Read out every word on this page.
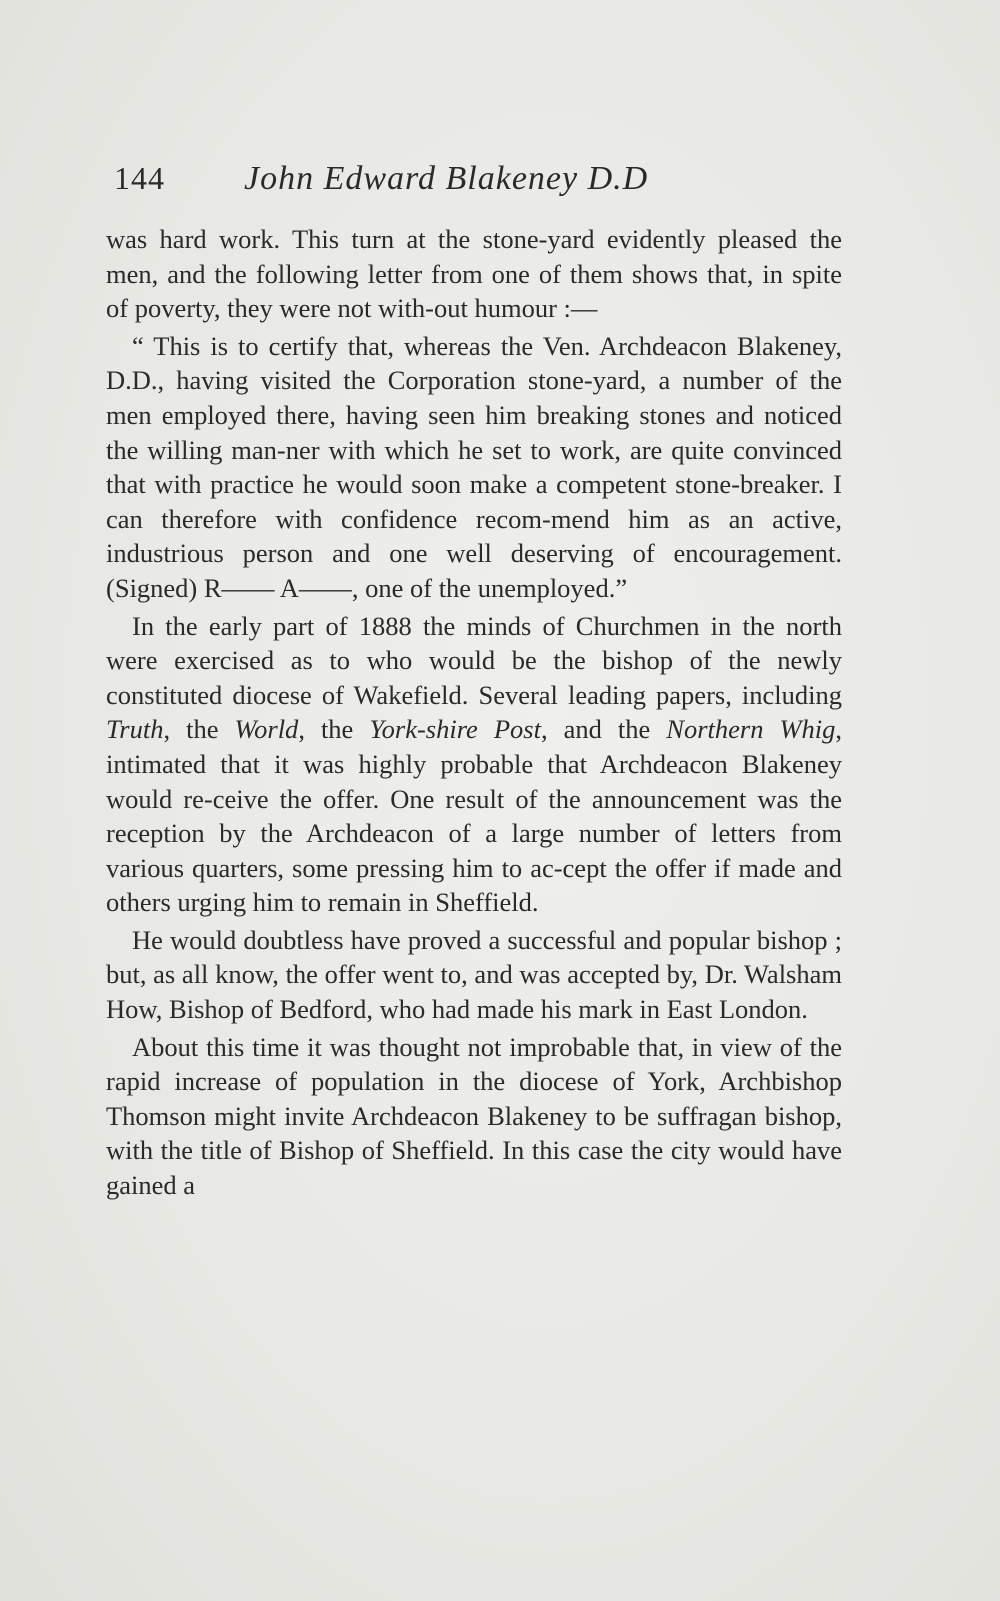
144 John Edward Blakeney D.D

was hard work. This turn at the stone-yard evidently pleased the men, and the following letter from one of them shows that, in spite of poverty, they were not with-out humour :—

“ This is to certify that, whereas the Ven. Archdeacon Blakeney, D.D., having visited the Corporation stone-yard, a number of the men employed there, having seen him breaking stones and noticed the willing man-ner with which he set to work, are quite convinced that with practice he would soon make a competent stone-breaker. I can therefore with confidence recom-mend him as an active, industrious person and one well deserving of encouragement. (Signed) R—— A——, one of the unemployed.”

In the early part of 1888 the minds of Churchmen in the north were exercised as to who would be the bishop of the newly constituted diocese of Wakefield. Several leading papers, including Truth, the World, the York-shire Post, and the Northern Whig, intimated that it was highly probable that Archdeacon Blakeney would re-ceive the offer. One result of the announcement was the reception by the Archdeacon of a large number of letters from various quarters, some pressing him to ac-cept the offer if made and others urging him to remain in Sheffield.

He would doubtless have proved a successful and popular bishop ; but, as all know, the offer went to, and was accepted by, Dr. Walsham How, Bishop of Bedford, who had made his mark in East London.

About this time it was thought not improbable that, in view of the rapid increase of population in the diocese of York, Archbishop Thomson might invite Archdeacon Blakeney to be suffragan bishop, with the title of Bishop of Sheffield. In this case the city would have gained a
